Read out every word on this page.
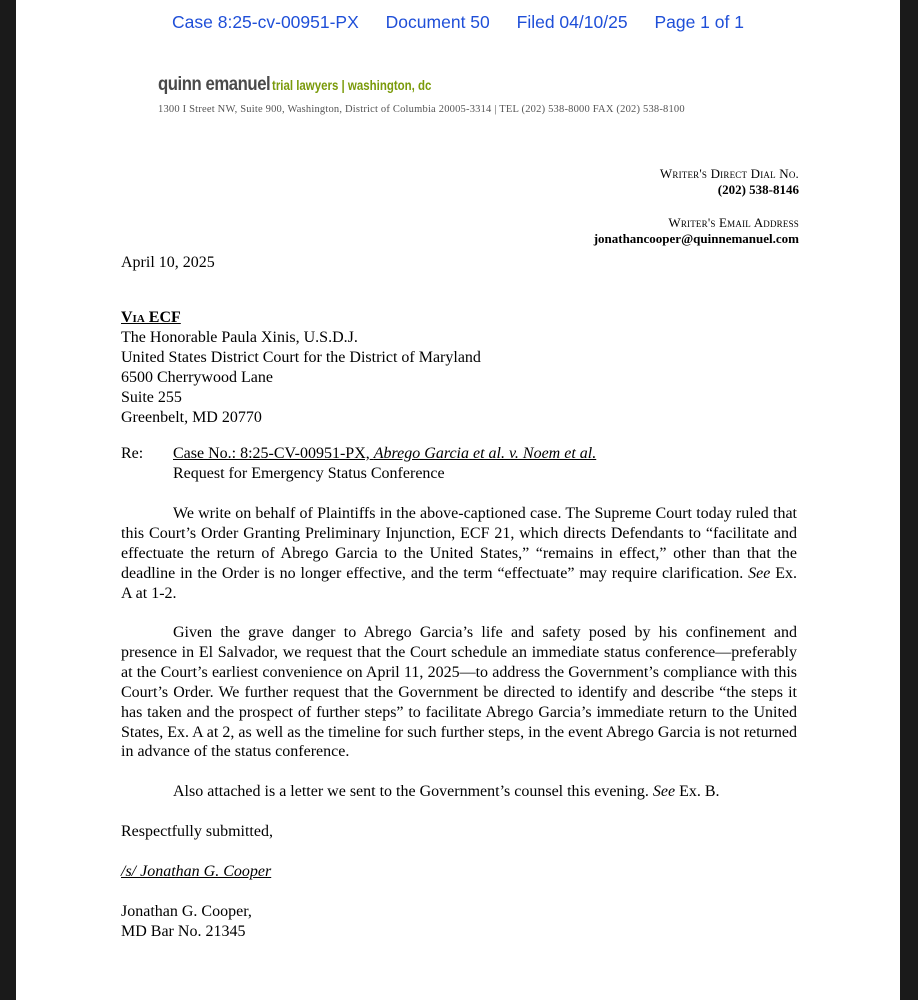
Case 8:25-cv-00951-PX Document 50 Filed 04/10/25 Page 1 of 1
quinn emanuel trial lawyers | washington, dc
1300 I Street NW, Suite 900, Washington, District of Columbia 20005-3314 | TEL (202) 538-8000 FAX (202) 538-8100
Writer's Direct Dial No.
(202) 538-8146
Writer's Email Address
jonathancooper@quinnemanuel.com
April 10, 2025
Via ECF
The Honorable Paula Xinis, U.S.D.J.
United States District Court for the District of Maryland
6500 Cherrywood Lane
Suite 255
Greenbelt, MD 20770
Re: Case No.: 8:25-CV-00951-PX, Abrego Garcia et al. v. Noem et al.
Request for Emergency Status Conference
We write on behalf of Plaintiffs in the above-captioned case. The Supreme Court today ruled that this Court’s Order Granting Preliminary Injunction, ECF 21, which directs Defendants to “facilitate and effectuate the return of Abrego Garcia to the United States,” “remains in effect,” other than that the deadline in the Order is no longer effective, and the term “effectuate” may require clarification. See Ex. A at 1-2.
Given the grave danger to Abrego Garcia’s life and safety posed by his confinement and presence in El Salvador, we request that the Court schedule an immediate status conference—preferably at the Court’s earliest convenience on April 11, 2025—to address the Government’s compliance with this Court’s Order. We further request that the Government be directed to identify and describe “the steps it has taken and the prospect of further steps” to facilitate Abrego Garcia’s immediate return to the United States, Ex. A at 2, as well as the timeline for such further steps, in the event Abrego Garcia is not returned in advance of the status conference.
Also attached is a letter we sent to the Government’s counsel this evening. See Ex. B.
Respectfully submitted,
/s/ Jonathan G. Cooper
Jonathan G. Cooper,
MD Bar No. 21345
